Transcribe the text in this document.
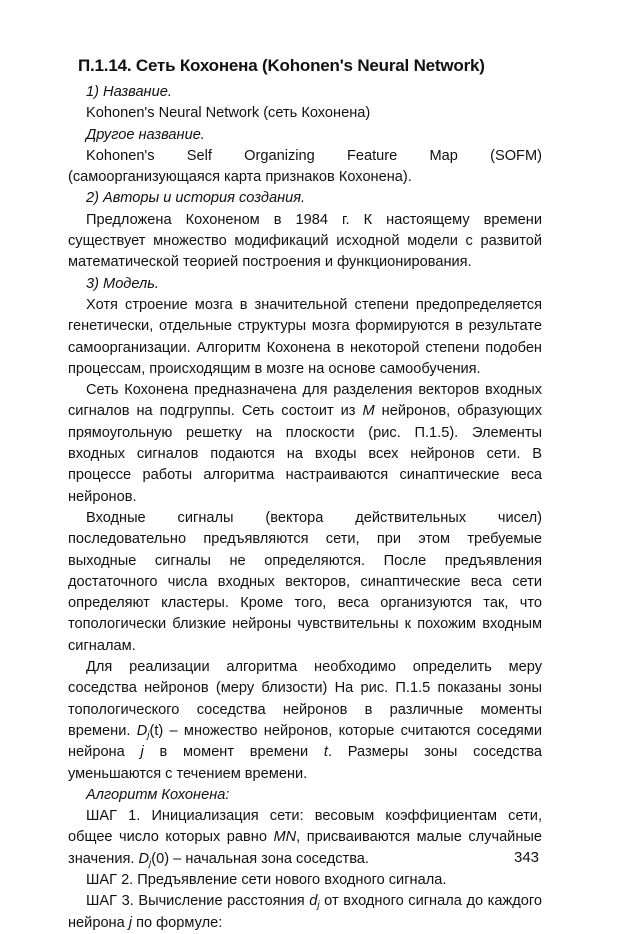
П.1.14. Сеть Кохонена (Kohonen's Neural Network)

1) Название.

Kohonen's Neural Network (сеть Кохонена)

Другое название.

Kohonen's Self Organizing Feature Map (SOFM) (самоорганизующаяся карта признаков Кохонена).

2) Авторы и история создания.

Предложена Кохоненом в 1984 г. К настоящему времени существует множество модификаций исходной модели с развитой математической теорией построения и функционирования.

3) Модель.

Хотя строение мозга в значительной степени предопределяется генетически, отдельные структуры мозга формируются в результате самоорганизации. Алгоритм Кохонена в некоторой степени подобен процессам, происходящим в мозге на основе самообучения.

Сеть Кохонена предназначена для разделения векторов входных сигналов на подгруппы. Сеть состоит из M нейронов, образующих прямоугольную решетку на плоскости (рис. П.1.5). Элементы входных сигналов подаются на входы всех нейронов сети. В процессе работы алгоритма настраиваются синаптические веса нейронов.

Входные сигналы (вектора действительных чисел) последовательно предъявляются сети, при этом требуемые выходные сигналы не определяются. После предъявления достаточного числа входных векторов, синаптические веса сети определяют кластеры. Кроме того, веса организуются так, что топологически близкие нейроны чувствительны к похожим входным сигналам.

Для реализации алгоритма необходимо определить меру соседства нейронов (меру близости) На рис. П.1.5 показаны зоны топологического соседства нейронов в различные моменты времени. $D_j(t)$ – множество нейронов, которые считаются соседями нейрона j в момент времени t. Размеры зоны соседства уменьшаются с течением времени.

Алгоритм Кохонена:

ШАГ 1. Инициализация сети: весовым коэффициентам сети, общее число которых равно MN, присваиваются малые случайные значения. $D_j(0)$ – начальная зона соседства.

ШАГ 2. Предъявление сети нового входного сигнала.

ШАГ 3. Вычисление расстояния $d_j$ от входного сигнала до каждого нейрона j по формуле:

343
